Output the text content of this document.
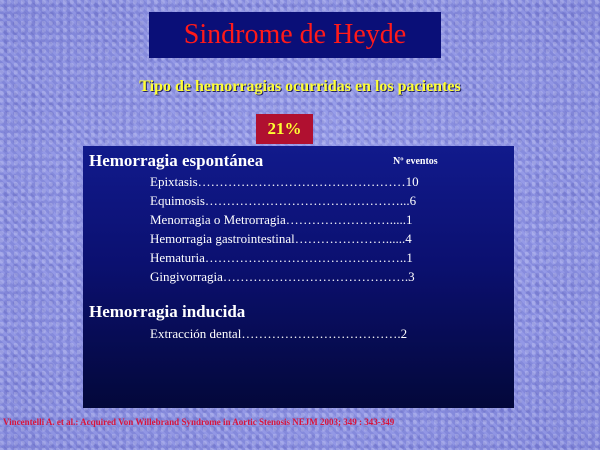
Sindrome de Heyde
Tipo de hemorragias ocurridas en los pacientes
21%
Hemorragia espontánea	Nº eventos
Epixtasis…………………………………………10
Equimosis………………………………………...6
Menorragia o Metrorragia…………………….....1
Hemorragia gastrointestinal…………………......4
Hematuria………………………………………..1
Gingivorragia…………………………………….3
Hemorragia inducida
Extracción dental……………………………….2
Vincentelli A. et al.: Acquired Von Willebrand Syndrome in Aortic Stenosis NEJM 2003; 349 : 343-349
